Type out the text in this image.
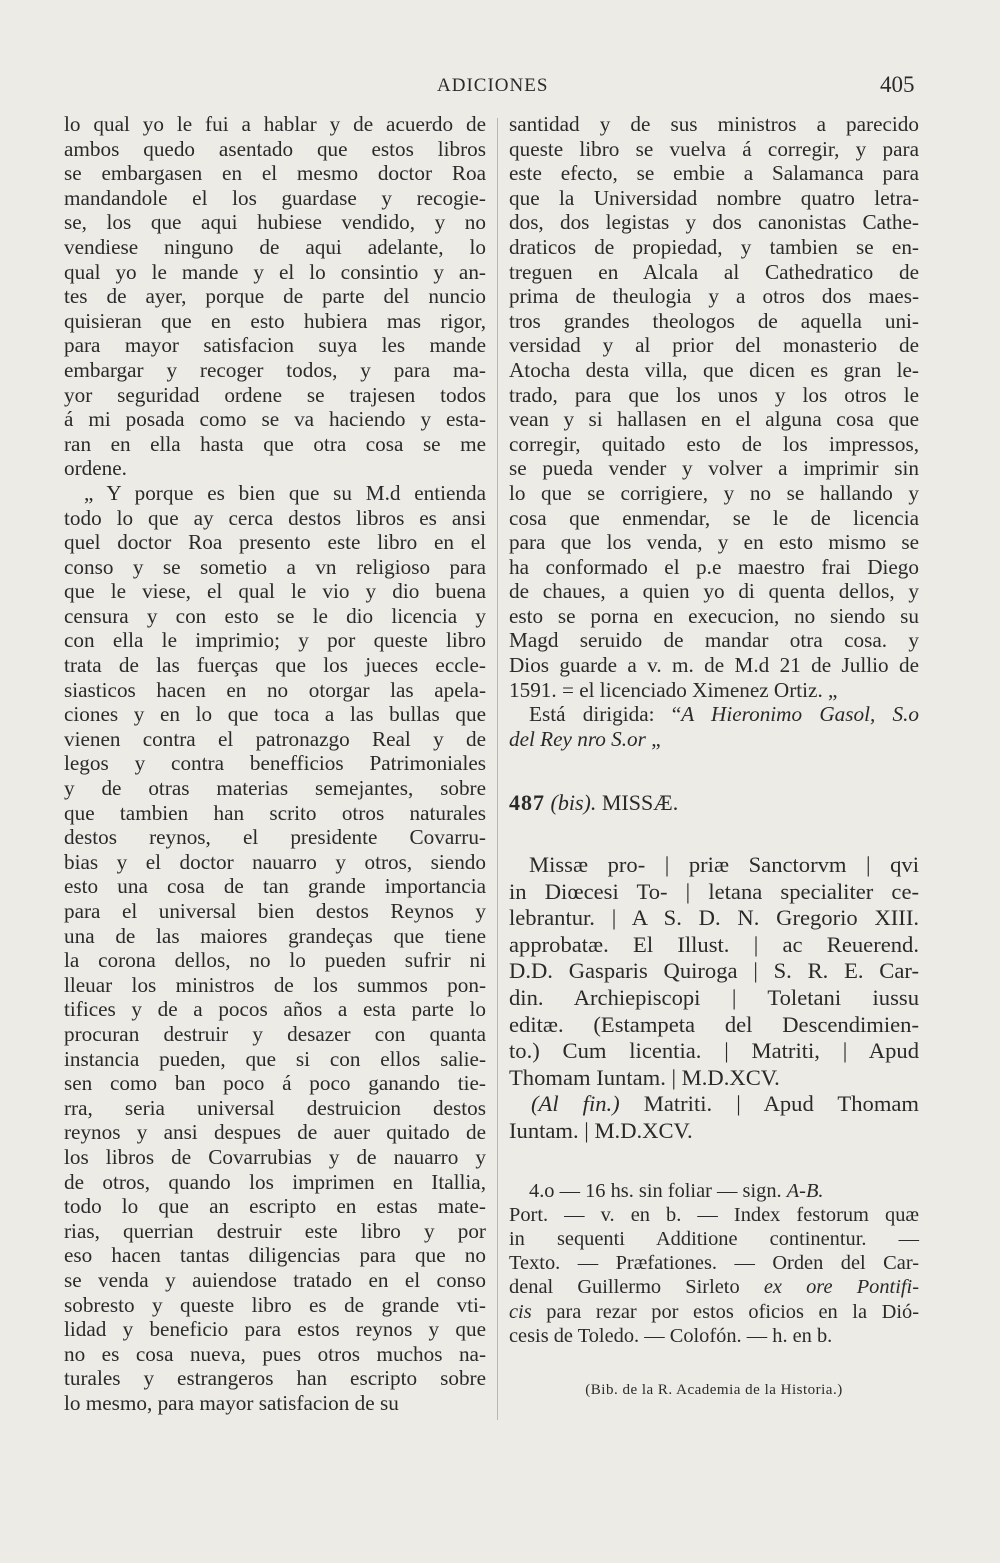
ADICIONES	405
lo qual yo le fui a hablar y de acuerdo de
ambos quedo asentado que estos libros
se embargasen en el mesmo doctor Roa
mandandole el los guardase y recogie-
se, los que aqui hubiese vendido, y no
vendiese ninguno de aqui adelante, lo
qual yo le mande y el lo consintio y an-
tes de ayer, porque de parte del nuncio
quisieran que en esto hubiera mas rigor,
para mayor satisfacion suya les mande
embargar y recoger todos, y para ma-
yor seguridad ordene se trajesen todos
á mi posada como se va haciendo y esta-
ran en ella hasta que otra cosa se me
ordene.
„ Y porque es bien que su M.d entienda
todo lo que ay cerca destos libros es ansi
quel doctor Roa presento este libro en el
conso y se sometio a vn religioso para
que le viese, el qual le vio y dio buena
censura y con esto se le dio licencia y
con ella le imprimio; y por queste libro
trata de las fuerças que los jueces eccle-
siasticos hacen en no otorgar las apela-
ciones y en lo que toca a las bullas que
vienen contra el patronazgo Real y de
legos y contra benefficios Patrimoniales
y de otras materias semejantes, sobre
que tambien han scrito otros naturales
destos reynos, el presidente Covarru-
bias y el doctor nauarro y otros, siendo
esto una cosa de tan grande importancia
para el universal bien destos Reynos y
una de las maiores grandeças que tiene
la corona dellos, no lo pueden sufrir ni
lleuar los ministros de los summos pon-
tifices y de a pocos años a esta parte lo
procuran destruir y desazer con quanta
instancia pueden, que si con ellos salie-
sen como ban poco á poco ganando tie-
rra, seria universal destruicion destos
reynos y ansi despues de auer quitado de
los libros de Covarrubias y de nauarro y
de otros, quando los imprimen en Itallia,
todo lo que an escripto en estas mate-
rias, querrian destruir este libro y por
eso hacen tantas diligencias para que no
se venda y auiendose tratado en el conso
sobresto y queste libro es de grande vti-
lidad y beneficio para estos reynos y que
no es cosa nueva, pues otros muchos na-
turales y estrangeros han escripto sobre
lo mesmo, para mayor satisfacion de su
santidad y de sus ministros a parecido
queste libro se vuelva á corregir, y para
este efecto, se embie a Salamanca para
que la Universidad nombre quatro letra-
dos, dos legistas y dos canonistas Cathe-
draticos de propiedad, y tambien se en-
treguen en Alcala al Cathedratico de
prima de theulogia y a otros dos maes-
tros grandes theologos de aquella uni-
versidad y al prior del monasterio de
Atocha desta villa, que dicen es gran le-
trado, para que los unos y los otros le
vean y si hallasen en el alguna cosa que
corregir, quitado esto de los impressos,
se pueda vender y volver a imprimir sin
lo que se corrigiere, y no se hallando y
cosa que enmendar, se le de licencia
para que los venda, y en esto mismo se
ha conformado el p.e maestro frai Diego
de chaues, a quien yo di quenta dellos, y
esto se porna en execucion, no siendo su
Magd seruido de mandar otra cosa. y
Dios guarde a v. m. de M.d 21 de Jullio de
1591. = el licenciado Ximenez Ortiz. „
Está dirigida: “A Hieronimo Gasol, S.o
del Rey nro S.or „
487 (bis). MISSÆ.
Missæ pro- | priæ Sanctorvm | qvi
in Diœcesi To- | letana specialiter ce-
lebrantur. | A S. D. N. Gregorio XIII.
approbatæ. El Illust. | ac Reuerend.
D.D. Gasparis Quiroga | S. R. E. Car-
din. Archiepiscopi | Toletani iussu
editæ. (Estampeta del Descendimien-
to.) Cum licentia. | Matriti, | Apud
Thomam Iuntam. | M.D.XCV.
(Al fin.) Matriti. | Apud Thomam
Iuntam. | M.D.XCV.
4.o — 16 hs. sin foliar — sign. A-B.
Port. — v. en b. — Index festorum quæ
in sequenti Additione continentur. —
Texto. — Præfationes. — Orden del Car-
denal Guillermo Sirleto ex ore Pontifi-
cis para rezar por estos oficios en la Dió-
cesis de Toledo. — Colofón. — h. en b.
(Bib. de la R. Academia de la Historia.)
